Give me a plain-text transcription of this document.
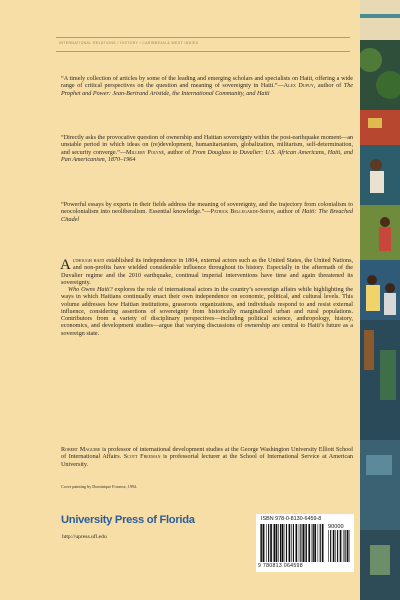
INTERNATIONAL RELATIONS / HISTORY / CARIBBEAN & WEST INDIES

“A timely collection of articles by some of the leading and emerging scholars and specialists on Haiti, offering a wide range of critical perspectives on the question and meaning of sovereignty in Haiti.”—Alex Dupuy, author of The Prophet and Power: Jean-Bertrand Aristide, the International Community, and Haiti

“Directly asks the provocative question of ownership and Haitian sovereignty within the post-earthquake moment—an unstable period in which ideas on (re)development, humanitarianism, globalization, militarism, self-determination, and security converge.”—Millery Polyné, author of From Douglass to Duvalier: U.S. African Americans, Haiti, and Pan Americanism, 1870–1964

“Powerful essays by experts in their fields address the meaning of sovereignty, and the trajectory from colonialism to neocolonialism into neoliberalism. Essential knowledge.”—Patrick Bellegarde-Smith, author of Haiti: The Breached Citadel

Although haiti established its independence in 1804, external actors such as the United States, the United Nations, and non-profits have wielded considerable influence throughout its history. Especially in the aftermath of the Duvalier regime and the 2010 earthquake, continual imperial interventions have time and again threatened its sovereignty.

Who Owns Haiti? explores the role of international actors in the country’s sovereign affairs while highlighting the ways in which Haitians continually enact their own independence on economic, political, and cultural levels. This volume addresses how Haitian institutions, grassroots organizations, and individuals respond to and resist external influence, considering assertions of sovereignty from historically marginalized urban and rural populations. Contributors from a variety of disciplinary perspectives—including political science, anthropology, history, economics, and development studies—argue that varying discussions of ownership are central to Haiti’s future as a sovereign state.

Robert Maguire is professor of international development studies at the George Washington University Elliott School of International Affairs. Scott Freeman is professorial lecturer at the School of International Service at American University.

Cover painting by Dominique Fonrose, 1994.

University Press of Florida

http://upress.ufl.edu

ISBN 978-0-8130-6459-8
90000
9 780813 064598
